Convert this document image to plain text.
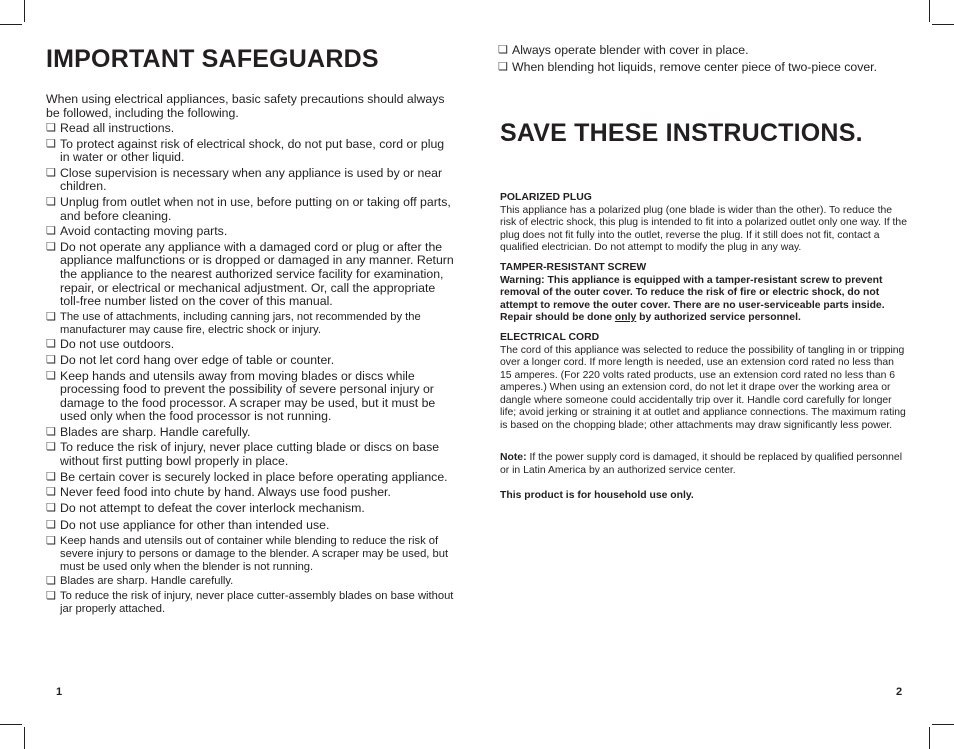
IMPORTANT SAFEGUARDS
When using electrical appliances, basic safety precautions should always be followed, including the following.
❏ Read all instructions.
❏ To protect against risk of electrical shock, do not put base, cord or plug in water or other liquid.
❏ Close supervision is necessary when any appliance is used by or near children.
❏ Unplug from outlet when not in use, before putting on or taking off parts, and before cleaning.
❏ Avoid contacting moving parts.
❏ Do not operate any appliance with a damaged cord or plug or after the appliance malfunctions or is dropped or damaged in any manner. Return the appliance to the nearest authorized service facility for examination, repair, or electrical or mechanical adjustment. Or, call the appropriate toll-free number listed on the cover of this manual.
❏ The use of attachments, including canning jars, not recommended by the manufacturer may cause fire, electric shock or injury.
❏ Do not use outdoors.
❏ Do not let cord hang over edge of table or counter.
❏ Keep hands and utensils away from moving blades or discs while processing food to prevent the possibility of severe personal injury or damage to the food processor. A scraper may be used, but it must be used only when the food processor is not running.
❏ Blades are sharp. Handle carefully.
❏ To reduce the risk of injury, never place cutting blade or discs on base without first putting bowl properly in place.
❏ Be certain cover is securely locked in place before operating appliance.
❏ Never feed food into chute by hand. Always use food pusher.
❏ Do not attempt to defeat the cover interlock mechanism.
❏ Do not use appliance for other than intended use.
❏ Keep hands and utensils out of container while blending to reduce the risk of severe injury to persons or damage to the blender. A scraper may be used, but must be used only when the blender is not running.
❏ Blades are sharp. Handle carefully.
❏ To reduce the risk of injury, never place cutter-assembly blades on base without jar properly attached.
1
❏ Always operate blender with cover in place.
❏ When blending hot liquids, remove center piece of two-piece cover.
SAVE THESE INSTRUCTIONS.
POLARIZED PLUG
This appliance has a polarized plug (one blade is wider than the other). To reduce the risk of electric shock, this plug is intended to fit into a polarized outlet only one way. If the plug does not fit fully into the outlet, reverse the plug. If it still does not fit, contact a qualified electrician. Do not attempt to modify the plug in any way.
TAMPER-RESISTANT SCREW
Warning: This appliance is equipped with a tamper-resistant screw to prevent removal of the outer cover. To reduce the risk of fire or electric shock, do not attempt to remove the outer cover. There are no user-serviceable parts inside. Repair should be done only by authorized service personnel.
ELECTRICAL CORD
The cord of this appliance was selected to reduce the possibility of tangling in or tripping over a longer cord. If more length is needed, use an extension cord rated no less than 15 amperes. (For 220 volts rated products, use an extension cord rated no less than 6 amperes.) When using an extension cord, do not let it drape over the working area or dangle where someone could accidentally trip over it. Handle cord carefully for longer life; avoid jerking or straining it at outlet and appliance connections. The maximum rating is based on the chopping blade; other attachments may draw significantly less power.
Note: If the power supply cord is damaged, it should be replaced by qualified personnel or in Latin America by an authorized service center.
This product is for household use only.
2
